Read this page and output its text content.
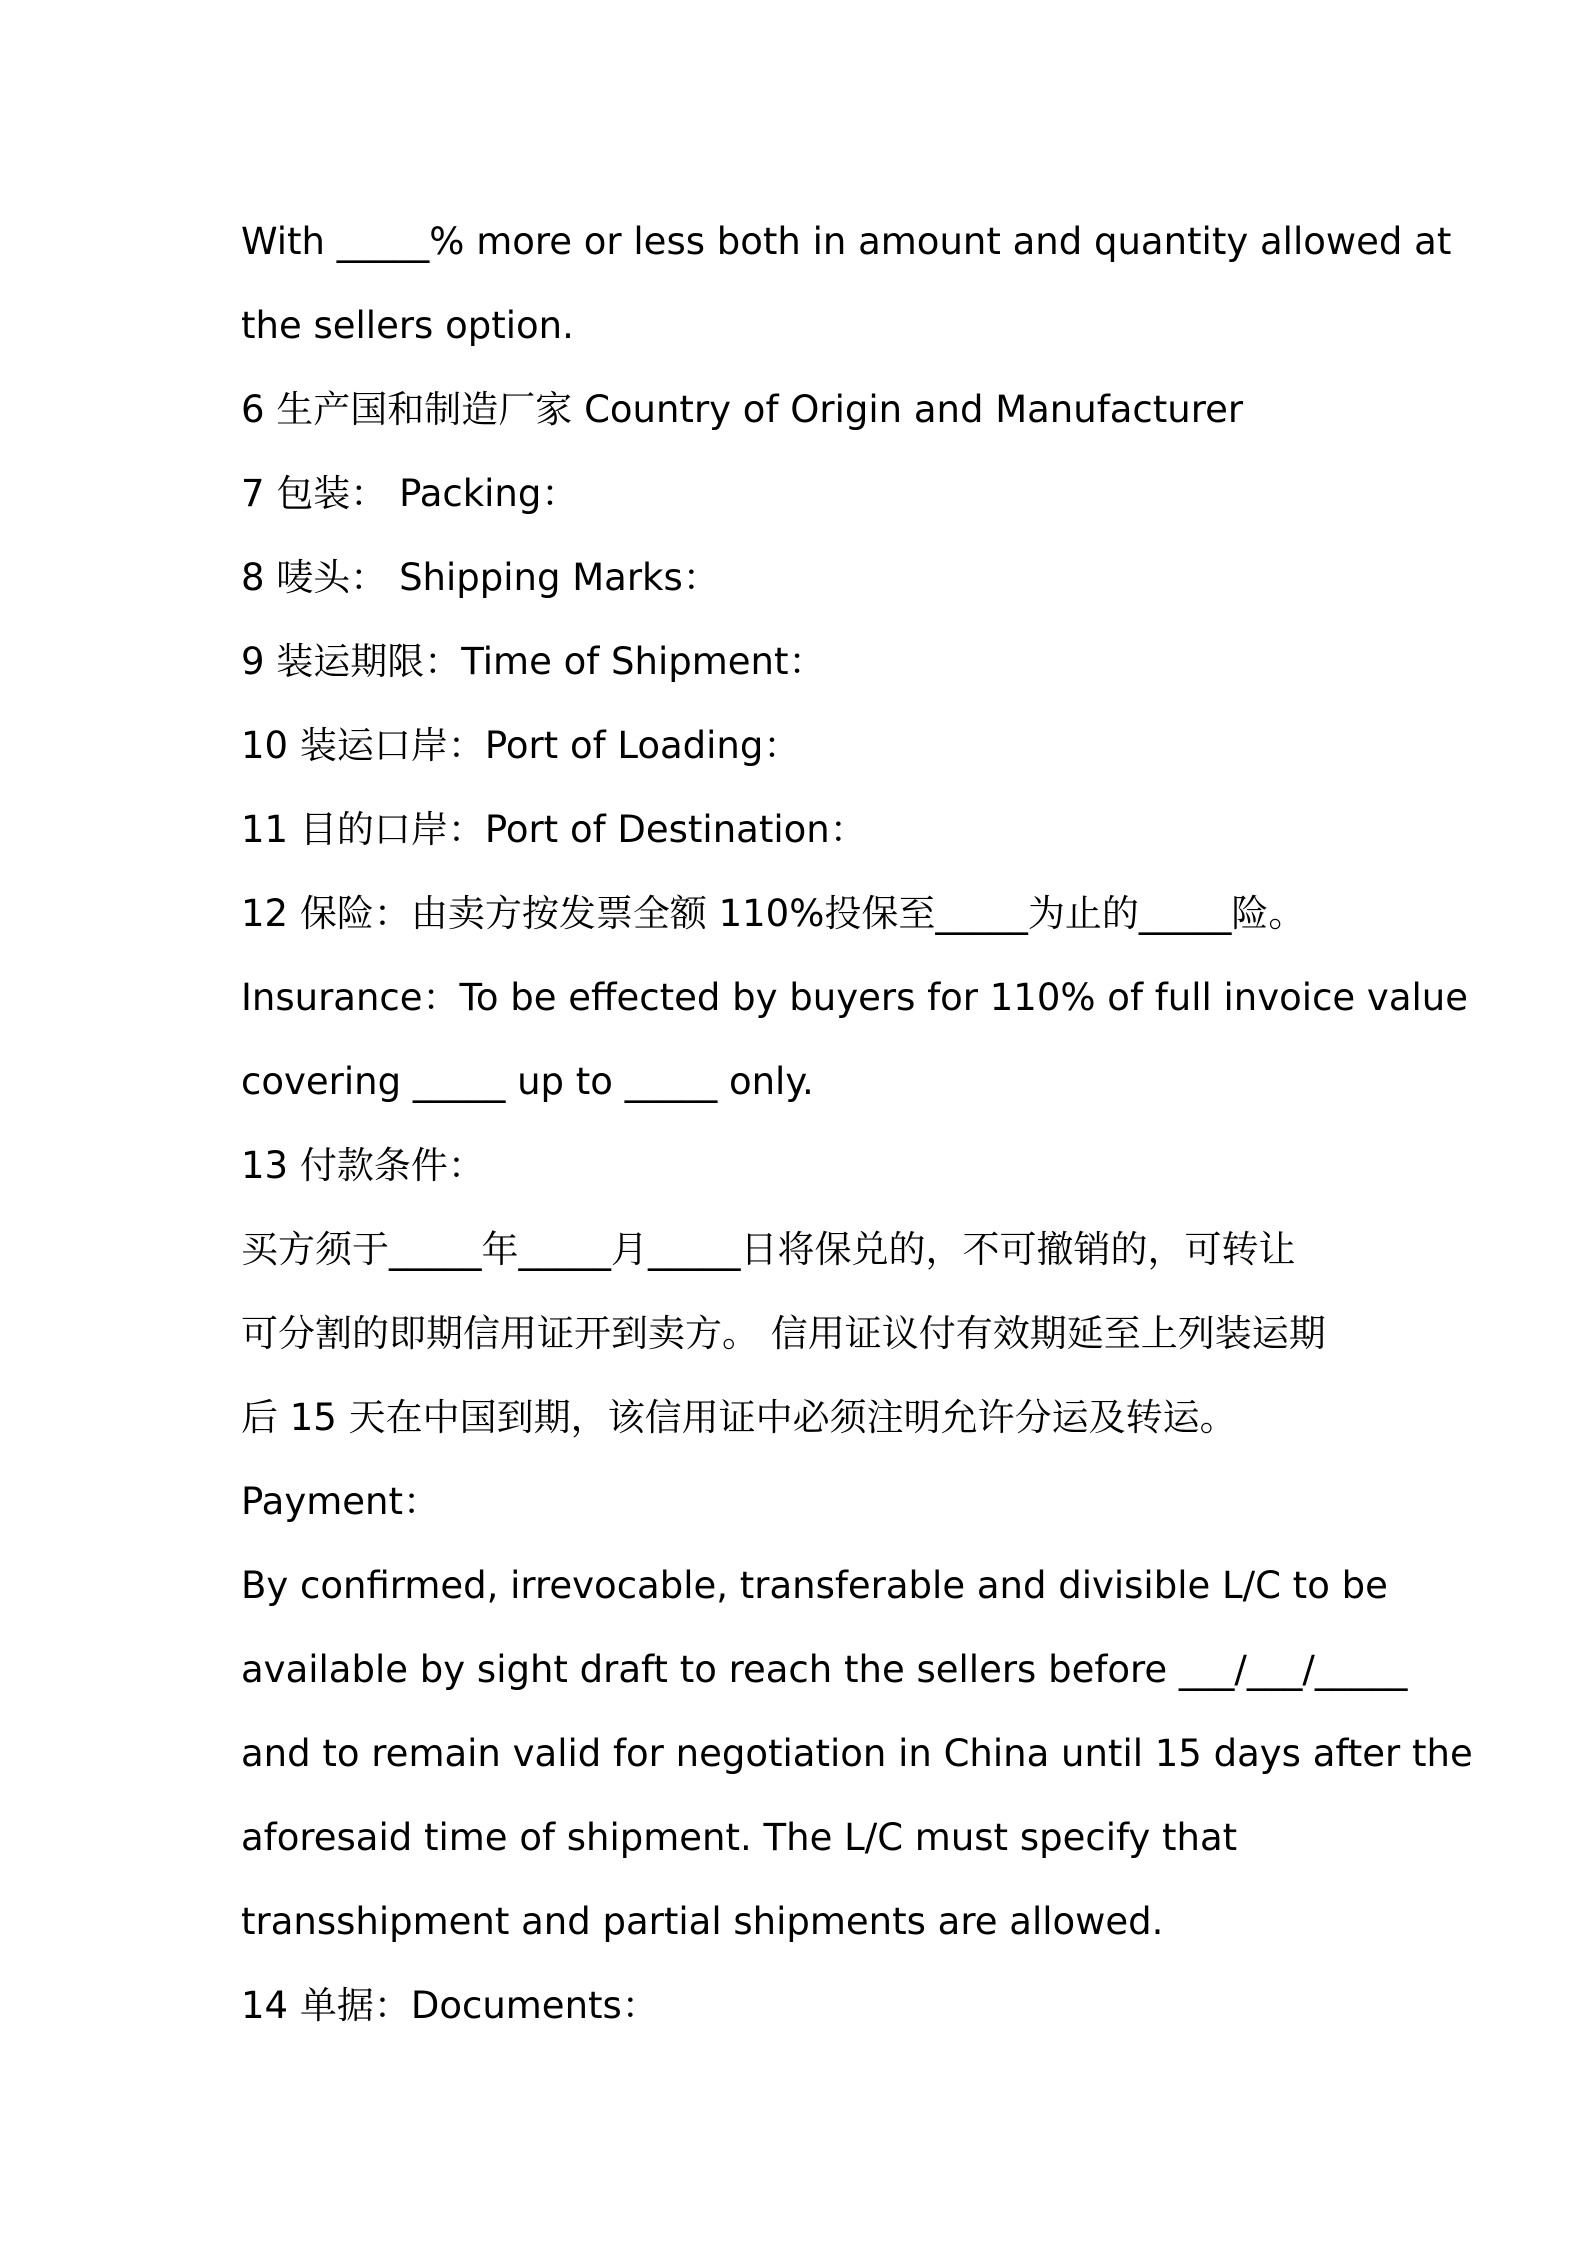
With _____% more or less both in amount and quantity allowed at
the sellers option.
6 生产国和制造厂家 Country of Origin and Manufacturer
7 包装： Packing：
8 唛头： Shipping Marks：
9 装运期限：Time of Shipment：
10 装运口岸：Port of Loading：
11 目的口岸：Port of Destination：
12 保险：由卖方按发票全额 110%投保至_____为止的_____险。
Insurance：To be effected by buyers for 110% of full invoice value
covering _____ up to _____ only.
13 付款条件：
买方须于_____年_____月_____日将保兑的，不可撤销的，可转让
可分割的即期信用证开到卖方。 信用证议付有效期延至上列装运期
后 15 天在中国到期，该信用证中必须注明允许分运及转运。
Payment：
By confirmed, irrevocable, transferable and divisible L/C to be
available by sight draft to reach the sellers before ___/___/_____
and to remain valid for negotiation in China until 15 days after the
aforesaid time of shipment. The L/C must specify that
transshipment and partial shipments are allowed.
14 单据：Documents：
